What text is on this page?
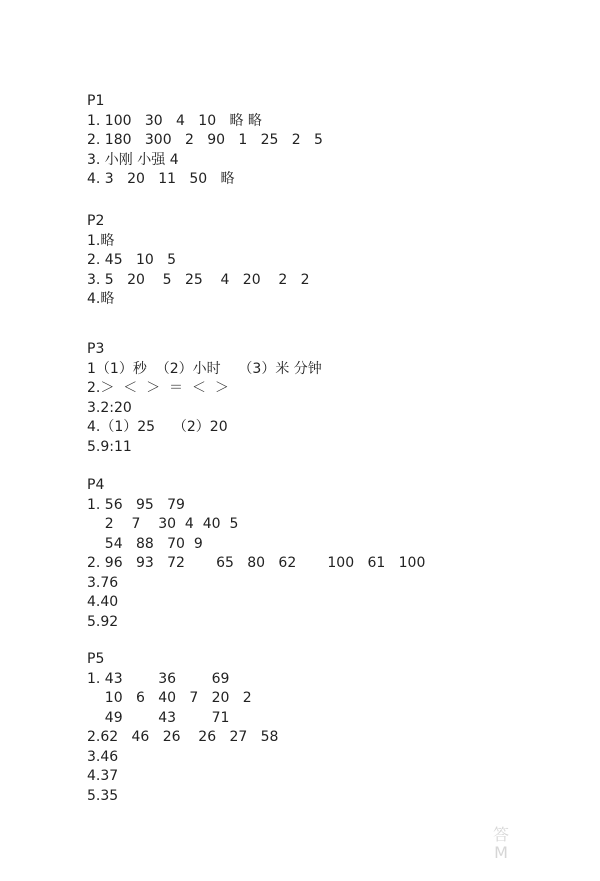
P1
1. 100   30   4   10   略 略
2. 180   300   2   90   1   25   2   5
3. 小刚 小强 4
4. 3   20   11   50   略
P2
1.略
2. 45   10   5
3. 5   20    5   25    4   20    2   2
4.略
P3
1（1）秒  （2）小时    （3）米 分钟
2.＞  ＜  ＞  ＝  ＜  ＞
3.2:20
4.（1）25    （2）20
5.9:11
P4
1. 56   95   79
2    7    30  4  40  5
54   88   70  9
2. 96   93   72       65   80   62       100   61   100
3.76
4.40
5.92
P5
1. 43        36        69
10   6   40   7   20   2
49        43        71
2.62   46   26    26   27   58
3.46
4.37
5.35
答
M
